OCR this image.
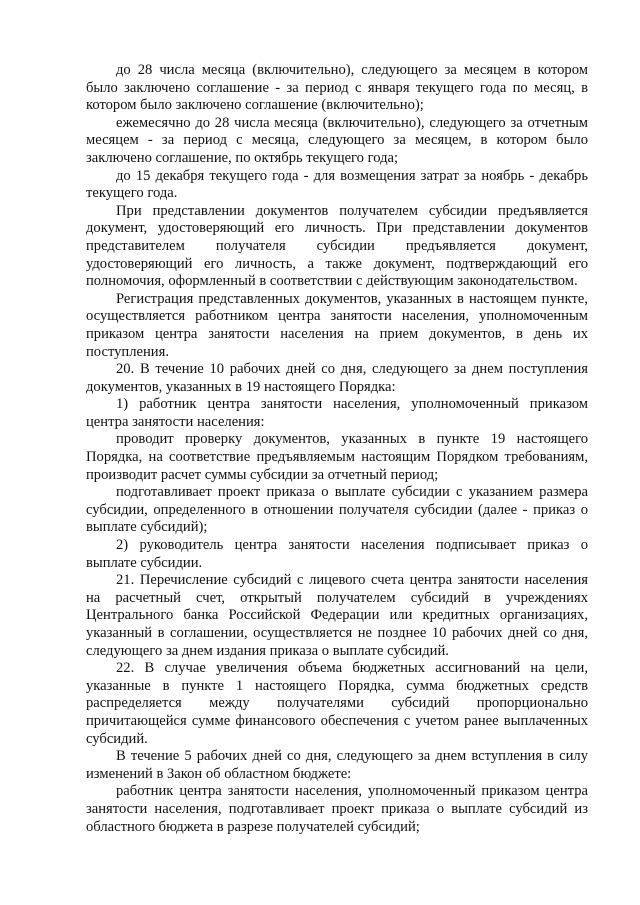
до 28 числа месяца (включительно), следующего за месяцем в котором было заключено соглашение - за период с января текущего года по месяц, в котором было заключено соглашение (включительно);

ежемесячно до 28 числа месяца (включительно), следующего за отчетным месяцем - за период с месяца, следующего за месяцем, в котором было заключено соглашение, по октябрь текущего года;

до 15 декабря текущего года - для возмещения затрат за ноябрь - декабрь текущего года.

При представлении документов получателем субсидии предъявляется документ, удостоверяющий его личность. При представлении документов представителем получателя субсидии предъявляется документ, удостоверяющий его личность, а также документ, подтверждающий его полномочия, оформленный в соответствии с действующим законодательством.

Регистрация представленных документов, указанных в настоящем пункте, осуществляется работником центра занятости населения, уполномоченным приказом центра занятости населения на прием документов, в день их поступления.

20. В течение 10 рабочих дней со дня, следующего за днем поступления документов, указанных в 19 настоящего Порядка:

1) работник центра занятости населения, уполномоченный приказом центра занятости населения:

проводит проверку документов, указанных в пункте 19 настоящего Порядка, на соответствие предъявляемым настоящим Порядком требованиям, производит расчет суммы субсидии за отчетный период;

подготавливает проект приказа о выплате субсидии с указанием размера субсидии, определенного в отношении получателя субсидии (далее - приказ о выплате субсидий);

2) руководитель центра занятости населения подписывает приказ о выплате субсидии.

21. Перечисление субсидий с лицевого счета центра занятости населения на расчетный счет, открытый получателем субсидий в учреждениях Центрального банка Российской Федерации или кредитных организациях, указанный в соглашении, осуществляется не позднее 10 рабочих дней со дня, следующего за днем издания приказа о выплате субсидий.

22. В случае увеличения объема бюджетных ассигнований на цели, указанные в пункте 1 настоящего Порядка, сумма бюджетных средств распределяется между получателями субсидий пропорционально причитающейся сумме финансового обеспечения с учетом ранее выплаченных субсидий.

В течение 5 рабочих дней со дня, следующего за днем вступления в силу изменений в Закон об областном бюджете:

работник центра занятости населения, уполномоченный приказом центра занятости населения, подготавливает проект приказа о выплате субсидий из областного бюджета в разрезе получателей субсидий;
